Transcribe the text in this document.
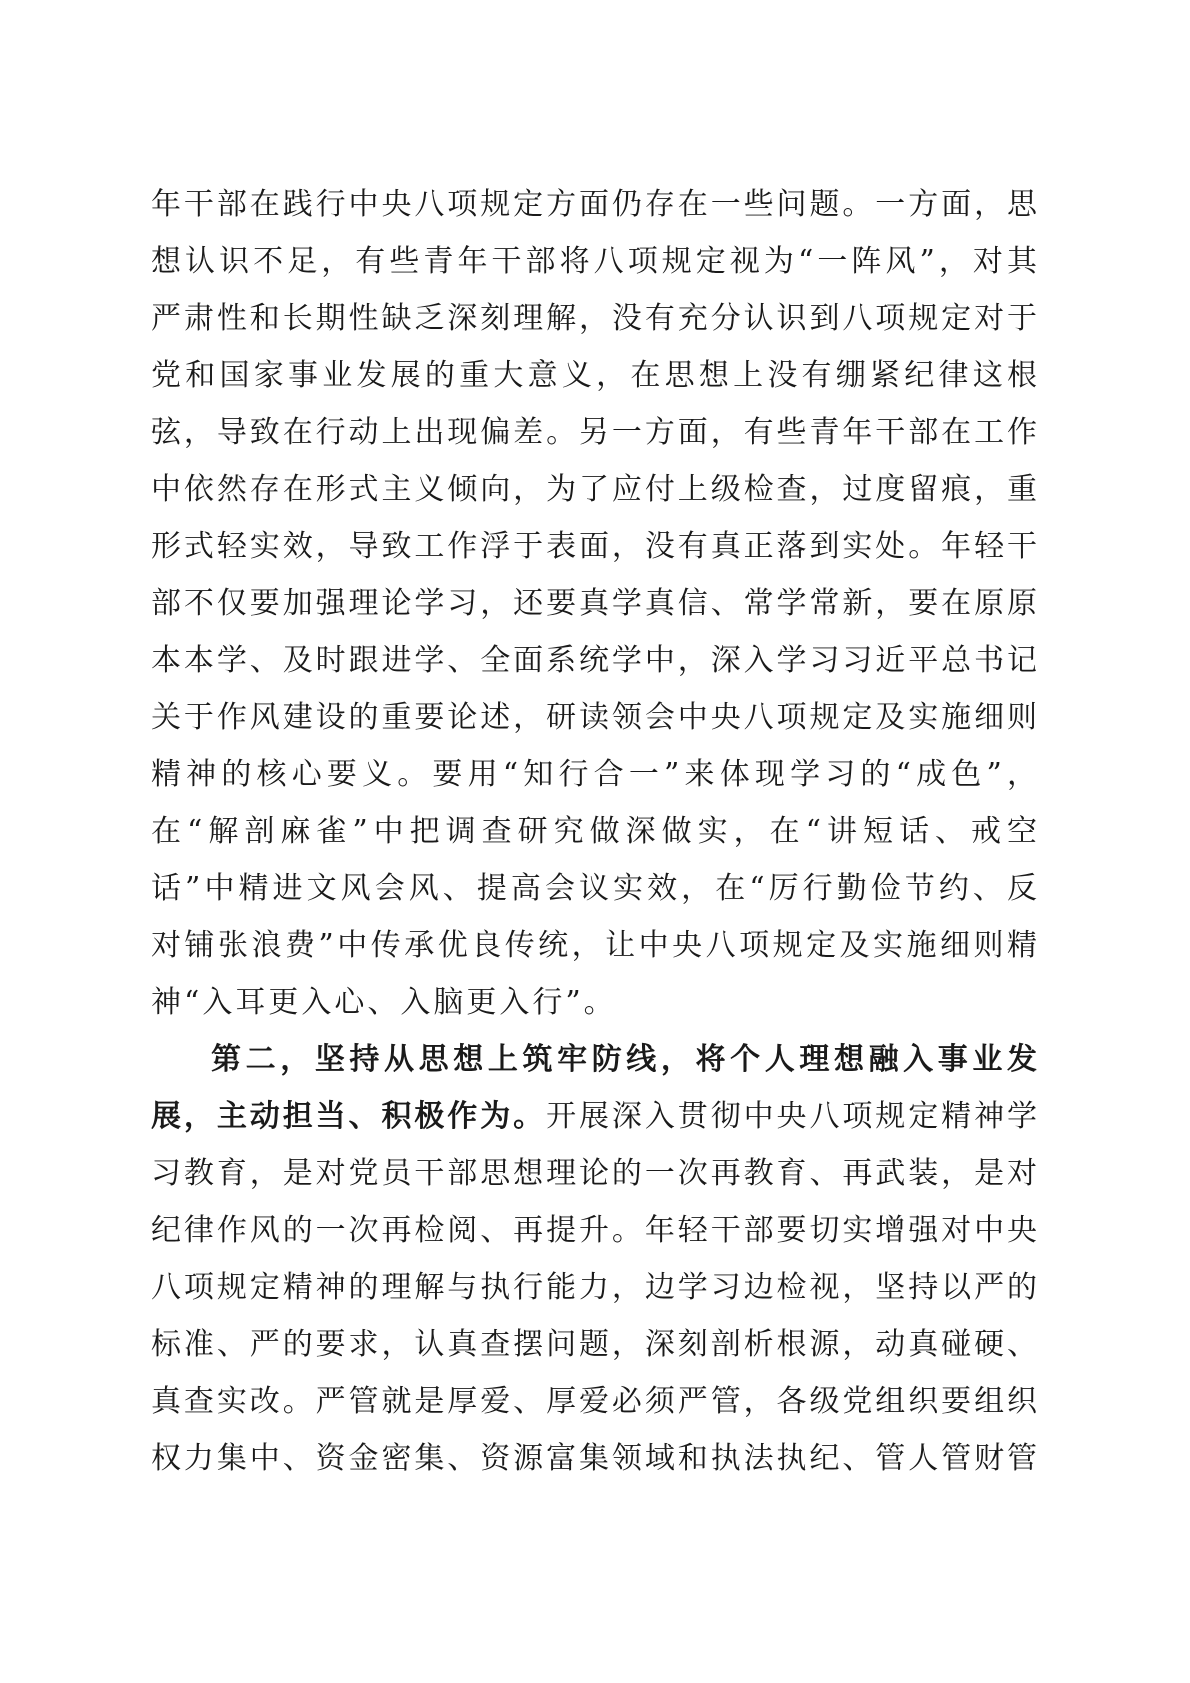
年干部在践行中央八项规定方面仍存在一些问题。一方面，思
想认识不足，有些青年干部将八项规定视为“一阵风”，对其
严肃性和长期性缺乏深刻理解，没有充分认识到八项规定对于
党和国家事业发展的重大意义，在思想上没有绷紧纪律这根
弦，导致在行动上出现偏差。另一方面，有些青年干部在工作
中依然存在形式主义倾向，为了应付上级检查，过度留痕，重
形式轻实效，导致工作浮于表面，没有真正落到实处。年轻干
部不仅要加强理论学习，还要真学真信、常学常新，要在原原
本本学、及时跟进学、全面系统学中，深入学习习近平总书记
关于作风建设的重要论述，研读领会中央八项规定及实施细则
精神的核心要义。要用“知行合一”来体现学习的“成色”，
在“解剖麻雀”中把调查研究做深做实，在“讲短话、戒空
话”中精进文风会风、提高会议实效，在“厉行勤俭节约、反
对铺张浪费”中传承优良传统，让中央八项规定及实施细则精
神“入耳更入心、入脑更入行”。
第二，坚持从思想上筑牢防线，将个人理想融入事业发
展，主动担当、积极作为。开展深入贯彻中央八项规定精神学
习教育，是对党员干部思想理论的一次再教育、再武装，是对
纪律作风的一次再检阅、再提升。年轻干部要切实增强对中央
八项规定精神的理解与执行能力，边学习边检视，坚持以严的
标准、严的要求，认真查摆问题，深刻剖析根源，动真碰硬、
真查实改。严管就是厚爱、厚爱必须严管，各级党组织要组织
权力集中、资金密集、资源富集领域和执法执纪、管人管财管
